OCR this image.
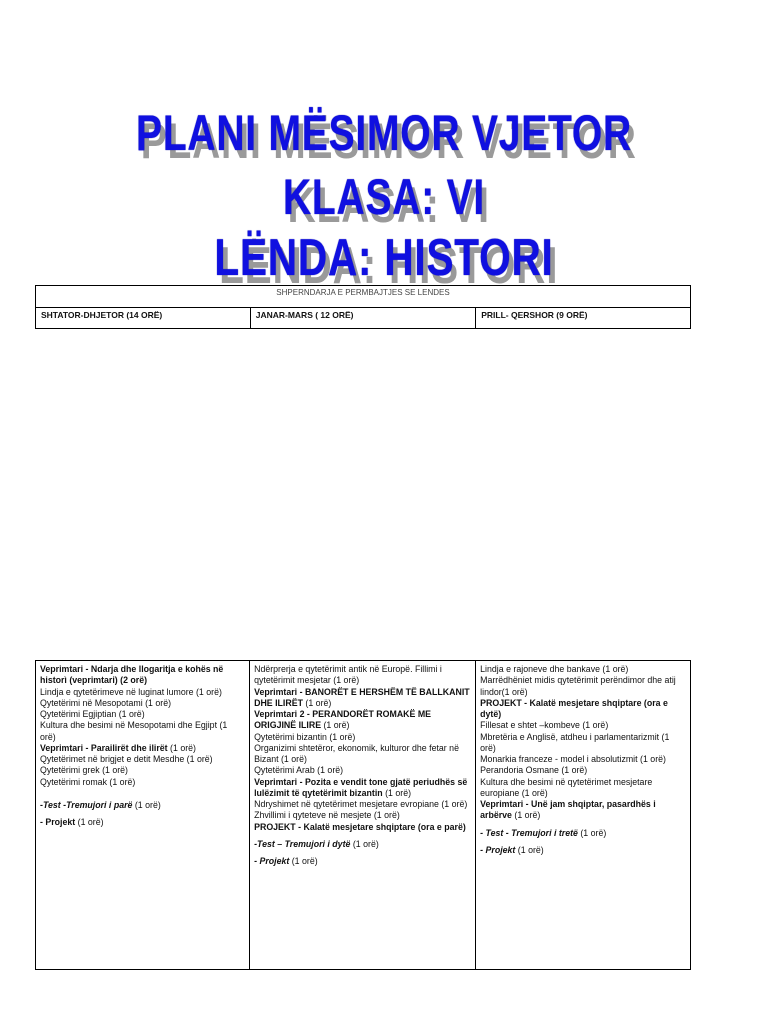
PLANI MËSIMOR VJETOR
KLASA: VI
LËNDA: HISTORI
SHPERNDARJA E PERMBAJTJES SE LENDES
SHTATOR-DHJETOR (14 ORË)	JANAR-MARS ( 12 ORË)	PRILL- QERSHOR (9 ORË)
Veprimtari - Ndarja dhe llogaritja e kohës në historì (veprimtari) (2 orë)
Lindja e qytetërimeve në luginat lumore (1 orë)
Qytetërimi në Mesopotami (1 orë)
Qytetërimi Egjiptian (1 orë)
Kultura dhe besimi në Mesopotami dhe Egjipt (1 orë)
Veprimtari - Parailirët dhe ilirët (1 orë)
Qytetërimet në brigjet e detit Mesdhe (1 orë)
Qytetërimi grek (1 orë)
Qytetërimi romak (1 orë)
-Test -Tremujori i parë (1 orë)
- Projekt (1 orë)

Ndërprerja e qytetërimit antik në Europë. Fillimi i qytetërimit mesjetar (1 orë)
Veprimtari - BANORËT E HERSHËM TË BALLKANIT DHE ILIRËT (1 orë)
Veprimtari 2 - PERANDORËT ROMAKË ME ORIGJINË ILIRE (1 orë)
Qytetërimi bizantin (1 orë)
Organizimi shtetëror, ekonomik, kulturor dhe fetar në Bizant (1 orë)
Qytetërimi Arab (1 orë)
Veprimtari - Pozita e vendit tone gjatë periudhës së lulëzimit të qytetërimit bizantin (1 orë)
Ndryshimet në qytetërimet mesjetare evropiane (1 orë)
Zhvillimi i qyteteve në mesjete (1 orë)
PROJEKT - Kalatë mesjetare shqiptare (ora e parë)
-Test – Tremujori i dytë (1 orë)
- Projekt (1 orë)

Lindja e rajoneve dhe bankave (1 orë)
Marrëdhëniet midis qytetërimit perëndimor dhe atij lindor(1 orë)
PROJEKT - Kalatë mesjetare shqiptare (ora e dytë)
Fillesat e shtet –kombeve (1 orë)
Mbretëria e Anglisë, atdheu i parlamentarizmit (1 orë)
Monarkia franceze - model i absolutizmit (1 orë)
Perandoria Osmane (1 orë)
Kultura dhe besimi në qytetërimet mesjetare europiane (1 orë)
Veprimtari - Unë jam shqiptar, pasardhës i arbërve (1 orë)
- Test - Tremujori i tretë (1 orë)
- Projekt (1 orë)
